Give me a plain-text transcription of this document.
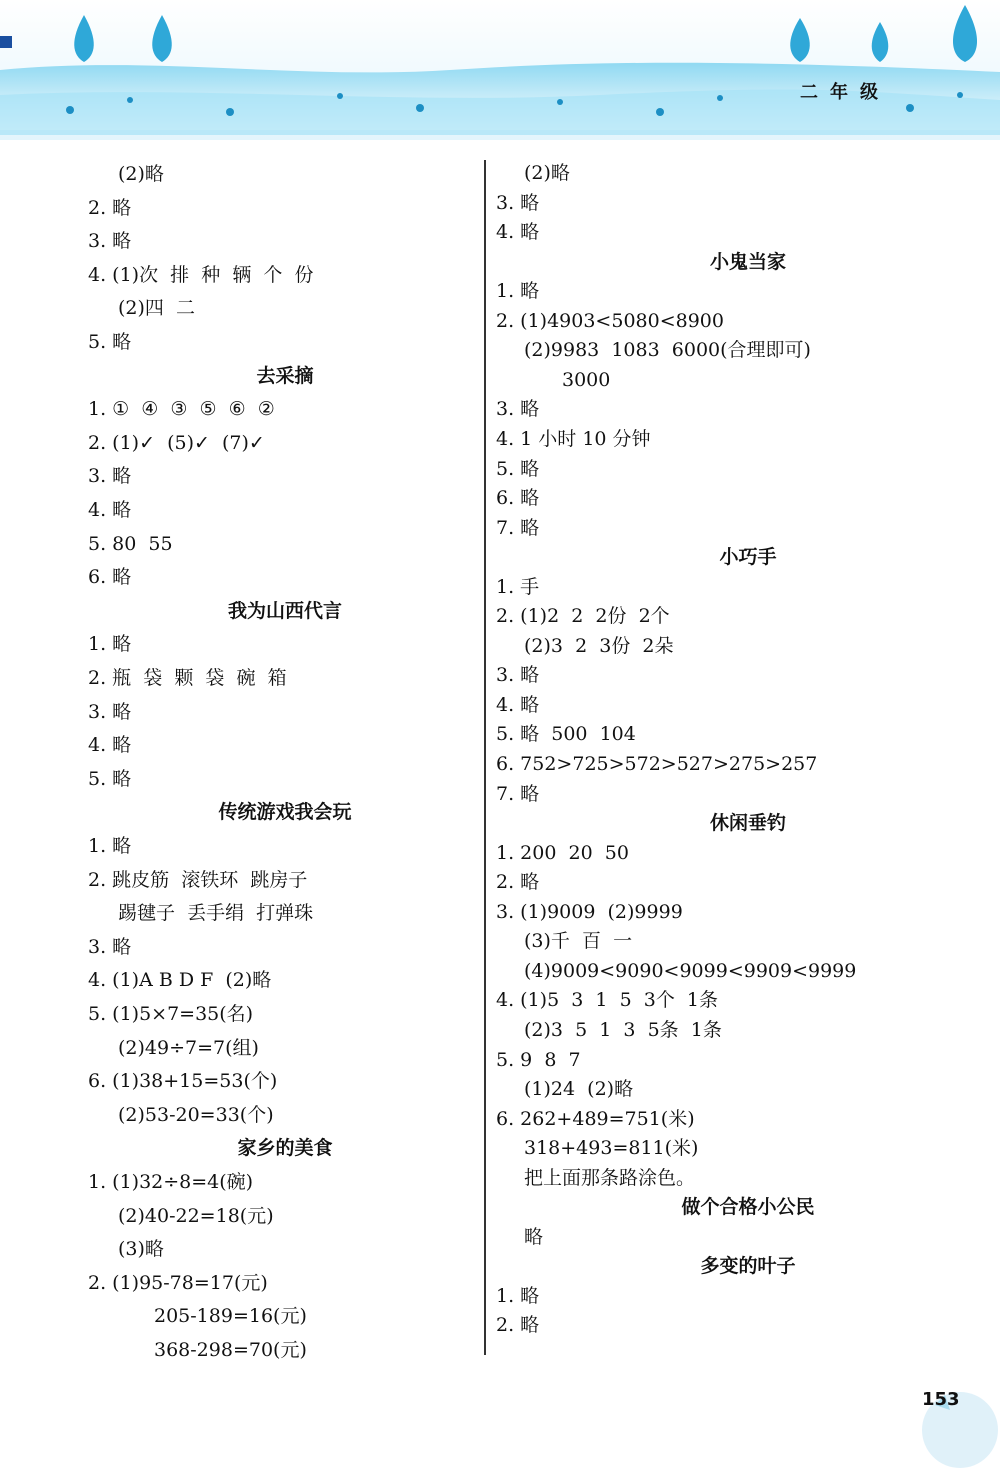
二年级
(2)略
2. 略
3. 略
4. (1)次  排  种  辆  个  份
(2)四  二
5. 略
去采摘
1. ①  ④  ③  ⑤  ⑥  ②
2. (1)✓  (5)✓  (7)✓
3. 略
4. 略
5. 80  55
6. 略
我为山西代言
1. 略
2. 瓶  袋  颗  袋  碗  箱
3. 略
4. 略
5. 略
传统游戏我会玩
1. 略
2. 跳皮筋  滚铁环  跳房子
踢毽子  丢手绢  打弹珠
3. 略
4. (1)A B D F  (2)略
5. (1)5×7=35(名)
(2)49÷7=7(组)
6. (1)38+15=53(个)
(2)53-20=33(个)
家乡的美食
1. (1)32÷8=4(碗)
(2)40-22=18(元)
(3)略
2. (1)95-78=17(元)
205-189=16(元)
368-298=70(元)
(2)略
3. 略
4. 略
小鬼当家
1. 略
2. (1)4903<5080<8900
(2)9983  1083  6000(合理即可)
3000
3. 略
4. 1 小时 10 分钟
5. 略
6. 略
7. 略
小巧手
1. 手
2. (1)2  2  2份  2个
(2)3  2  3份  2朵
3. 略
4. 略
5. 略  500  104
6. 752>725>572>527>275>257
7. 略
休闲垂钓
1. 200  20  50
2. 略
3. (1)9009  (2)9999
(3)千  百  一
(4)9009<9090<9099<9909<9999
4. (1)5  3  1  5  3个  1条
(2)3  5  1  3  5条  1条
5. 9  8  7
(1)24  (2)略
6. 262+489=751(米)
318+493=811(米)
把上面那条路涂色。
做个合格小公民
略
多变的叶子
1. 略
2. 略
153
